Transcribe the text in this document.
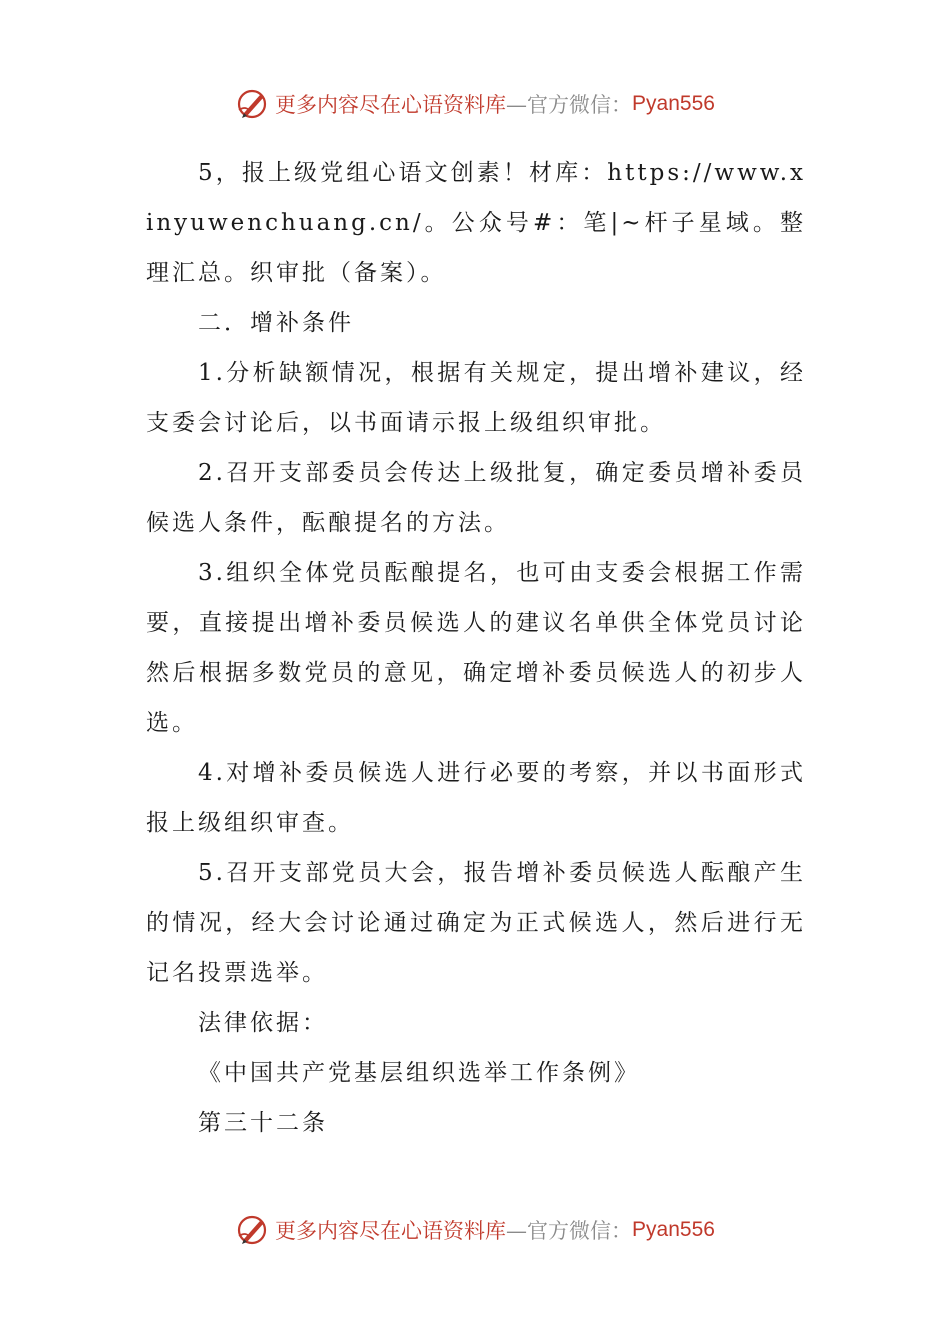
更多内容尽在心语资料库 —官方微信： Pyan556

5，报上级党组心语文创素！材库：https://www.xinyuwenchuang.cn/。公众号#：笔|~杆子星域。整理汇总。织审批（备案）。

二．增补条件

1.分析缺额情况，根据有关规定，提出增补建议，经支委会讨论后，以书面请示报上级组织审批。

2.召开支部委员会传达上级批复，确定委员增补委员候选人条件，酝酿提名的方法。

3.组织全体党员酝酿提名，也可由支委会根据工作需要，直接提出增补委员候选人的建议名单供全体党员讨论然后根据多数党员的意见，确定增补委员候选人的初步人选。

4.对增补委员候选人进行必要的考察，并以书面形式报上级组织审查。

5.召开支部党员大会，报告增补委员候选人酝酿产生的情况，经大会讨论通过确定为正式候选人，然后进行无记名投票选举。

法律依据：

《中国共产党基层组织选举工作条例》

第三十二条

更多内容尽在心语资料库 —官方微信： Pyan556
